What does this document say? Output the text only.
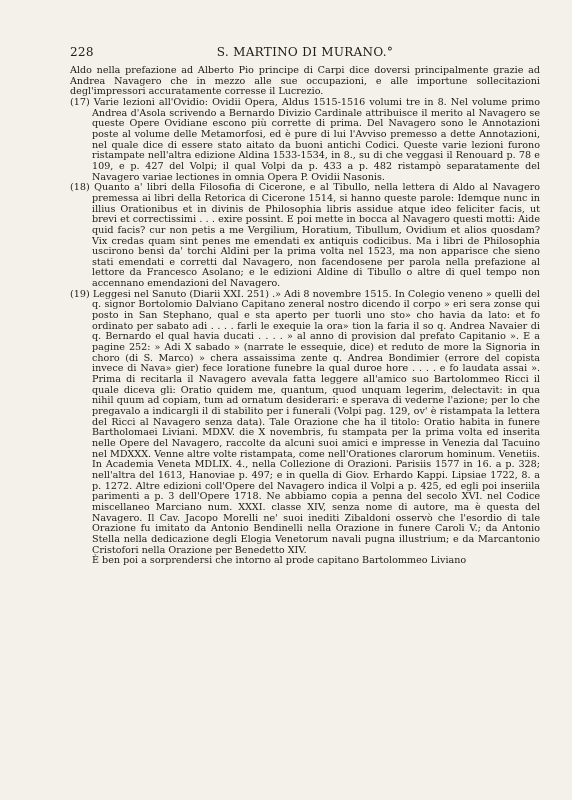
228	S. MARTINO DI MURANO.°

Aldo nella prefazione ad Alberto Pio principe di Carpi dice doversi principalmente grazie ad Andrea Navagero che in mezzo alle sue occupazioni, e alle importune sollecitazioni degl'impressori accuratamente corresse il Lucrezio.

(17) Varie lezioni all'Ovidio: Ovidii Opera, Aldus 1515-1516 volumi tre in 8. Nel volume primo Andrea d'Asola scrivendo a Bernardo Divizio Cardinale attribuisce il merito al Navagero se queste Opere Ovidiane escono più corrette di prima. Del Navagero sono le Annotazioni poste al volume delle Metamorfosi, ed è pure di lui l'Avviso premesso a dette Annotazioni, nel quale dice di essere stato aitato da buoni antichi Codici. Queste varie lezioni furono ristampate nell'altra edizione Aldina 1533-1534, in 8., su di che veggasi il Renouard p. 78 e 109, e p. 427 del Volpi; il qual Volpi da p. 433 a p. 482 ristampò separatamente del Navagero variae lectiones in omnia Opera P. Ovidii Nasonis.

(18) Quanto a' libri della Filosofia di Cicerone, e al Tibullo, nella lettera di Aldo al Navagero premessa ai libri della Retorica di Cicerone 1514, si hanno queste parole: Idemque nunc in illius Orationibus et in divinis de Philosophia libris assidue atque ideo feliciter facis, ut brevi et correctissimi . . . exire possint. E poi mette in bocca al Navagero questi motti: Aide quid facis? cur non petis a me Vergilium, Horatium, Tibullum, Ovidium et alios quosdam? Vix credas quam sint penes me emendati ex antiquis codicibus. Ma i libri de Philosophia uscirono bensì da' torchi Aldini per la prima volta nel 1523, ma non apparisce che sieno stati emendati e corretti dal Navagero, non facendosene per parola nella prefazione al lettore da Francesco Asolano; e le edizioni Aldine di Tibullo o altre di quel tempo non accennano emendazioni del Navagero.

(19) Leggesi nel Sanuto (Diarii XXI. 251) .» Adi 8 novembre 1515. In Colegio veneno » quelli del q. signor Bortolomio Dalviano Capitano zeneral nostro dicendo il corpo » eri sera zonse qui posto in San Stephano, qual e sta aperto per tuorli uno sto» cho havia da lato: et fo ordinato per sabato adi . . . . farli le exequie la ora» tion la faria il so q. Andrea Navaier di q. Bernardo el qual havia ducati . . . . » al anno di provision dal prefato Capitanio ». E a pagine 252: » Adi X sabado » (narrate le essequie, dice) et reduto de more la Signoria in choro (di S. Marco) » chera assaissima zente q. Andrea Bondimier (errore del copista invece di Nava» gier) fece loratione funebre la qual duroe hore . . . . e fo laudata assai ». Prima di recitarla il Navagero avevala fatta leggere all'amico suo Bartolommeo Ricci il quale diceva gli: Oratio quidem me, quantum, quod unquam legerim, delectavit: in qua nihil quum ad copiam, tum ad ornatum desiderari: e sperava di vederne l'azione; per lo che pregavalo a indicargli il di stabilito per i funerali (Volpi pag. 129, ov' è ristampata la lettera del Ricci al Navagero senza data). Tale Orazione che ha il titolo: Oratio habita in funere Bartholomaei Liviani. MDXV. die X novembris, fu stampata per la prima volta ed inserita nelle Opere del Navagero, raccolte da alcuni suoi amici e impresse in Venezia dal Tacuino nel MDXXX. Venne altre volte ristampata, come nell'Orationes clarorum hominum. Venetiis. In Academia Veneta MDLIX. 4., nella Collezione di Orazioni. Parisiis 1577 in 16. a p. 328; nell'altra del 1613, Hanoviae p. 497; e in quella di Giov. Erhardo Kappi. Lipsiae 1722, 8. a p. 1272. Altre edizioni coll'Opere del Navagero indica il Volpi a p. 425, ed egli poi inseriila parimenti a p. 3 dell'Opere 1718. Ne abbiamo copia a penna del secolo XVI. nel Codice miscellaneo Marciano num. XXXI. classe XIV, senza nome di autore, ma è questa del Navagero. Il Cav. Jacopo Morelli ne' suoi inediti Zibaldoni osservò che l'esordio di tale Orazione fu imitato da Antonio Bendinelli nella Orazione in funere Caroli V.; da Antonio Stella nella dedicazione degli Elogia Venetorum navali pugna illustrium; e da Marcantonio Cristofori nella Orazione per Benedetto XIV.

È ben poi a sorprendersi che intorno al prode capitano Bartolommeo Liviano
